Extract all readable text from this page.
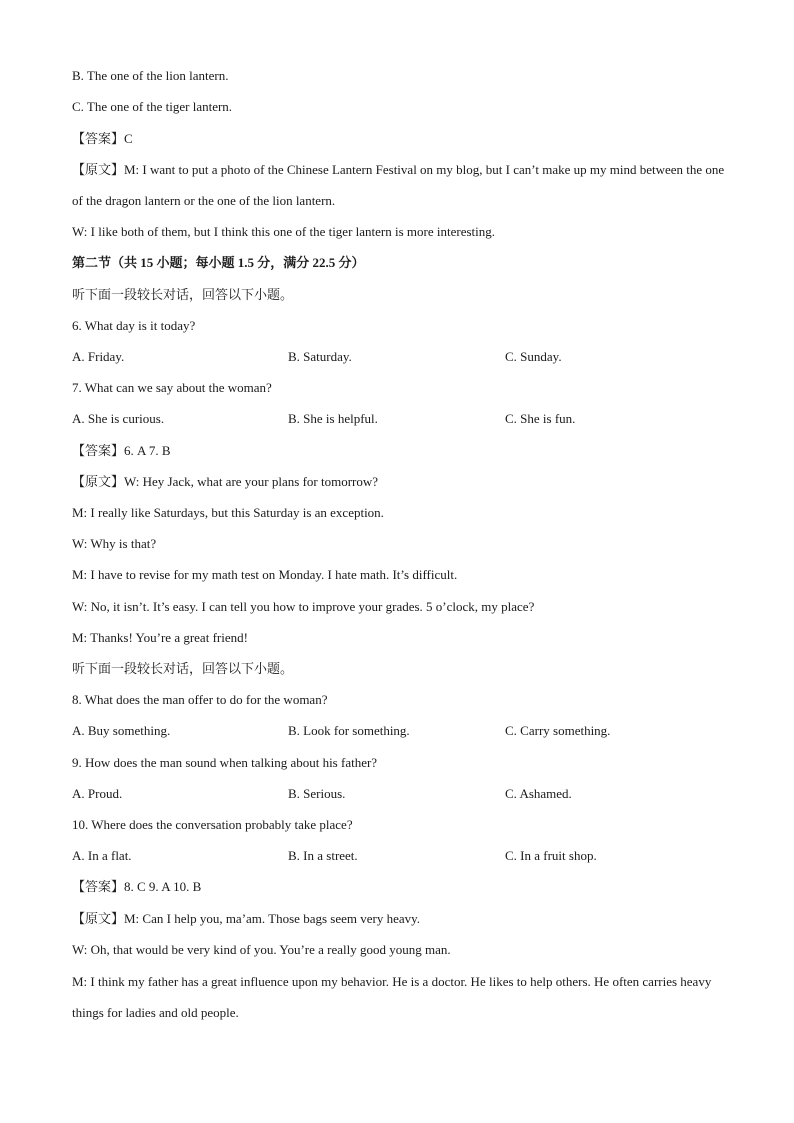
B. The one of the lion lantern.
C. The one of the tiger lantern.
【答案】C
【原文】M: I want to put a photo of the Chinese Lantern Festival on my blog, but I can’t make up my mind between the one of the dragon lantern or the one of the lion lantern.
W: I like both of them, but I think this one of the tiger lantern is more interesting.
第二节（共 15 小题；每小题 1.5 分，满分 22.5 分）
听下面一段较长对话，回答以下小题。
6. What day is it today?
A. Friday.	B. Saturday.	C. Sunday.
7. What can we say about the woman?
A. She is curious.	B. She is helpful.	C. She is fun.
【答案】6. A 7. B
【原文】W: Hey Jack, what are your plans for tomorrow?
M: I really like Saturdays, but this Saturday is an exception.
W: Why is that?
M: I have to revise for my math test on Monday. I hate math. It’s difficult.
W: No, it isn’t. It’s easy. I can tell you how to improve your grades. 5 o’clock, my place?
M: Thanks! You’re a great friend!
听下面一段较长对话，回答以下小题。
8. What does the man offer to do for the woman?
A. Buy something.	B. Look for something.	C. Carry something.
9. How does the man sound when talking about his father?
A. Proud.	B. Serious.	C. Ashamed.
10. Where does the conversation probably take place?
A. In a flat.	B. In a street.	C. In a fruit shop.
【答案】8. C 9. A 10. B
【原文】M: Can I help you, ma’am. Those bags seem very heavy.
W: Oh, that would be very kind of you. You’re a really good young man.
M: I think my father has a great influence upon my behavior. He is a doctor. He likes to help others. He often carries heavy things for ladies and old people.
